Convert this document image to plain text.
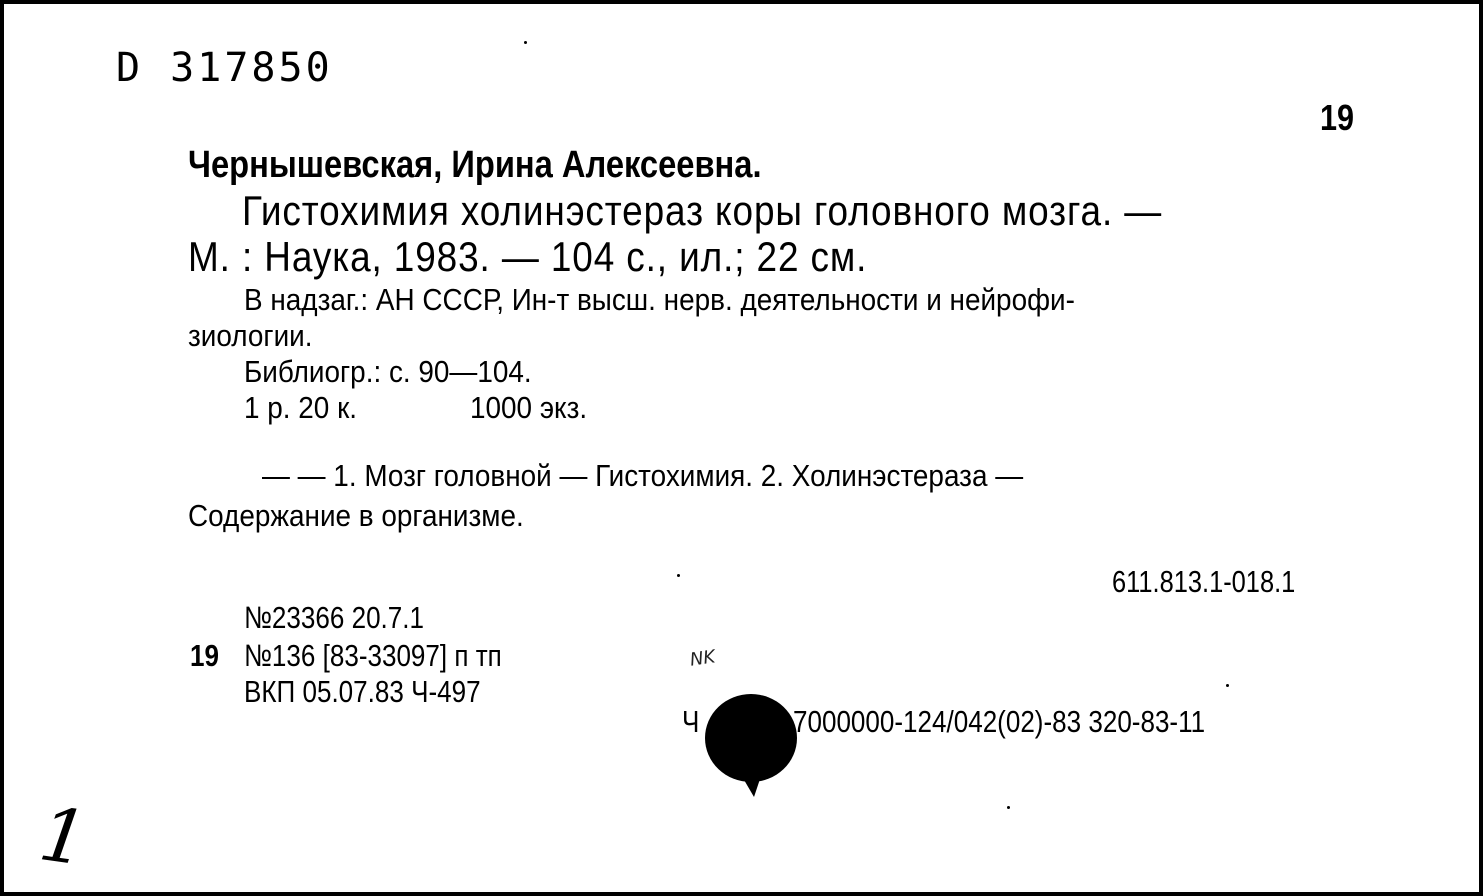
D 317850
19
Чернышевская, Ирина Алексеевна.
Гистохимия холинэстераз коры головного мозга. —
М. : Наука, 1983. — 104 с., ил.; 22 см.
В надзаг.: АН СССР, Ин-т высш. нерв. деятельности и нейрофи-
зиологии.
Библиогр.: с. 90—104.
1 р. 20 к.	1000 экз.
— — 1. Мозг головной — Гистохимия. 2. Холинэстераза —
Содержание в организме.
611.813.1-018.1
№23366 20.7.1
19 №136 [83-33097] п тп
ВКП 05.07.83 Ч-497
NK
Ч	7000000-124/042(02)-83 320-83-11
1
